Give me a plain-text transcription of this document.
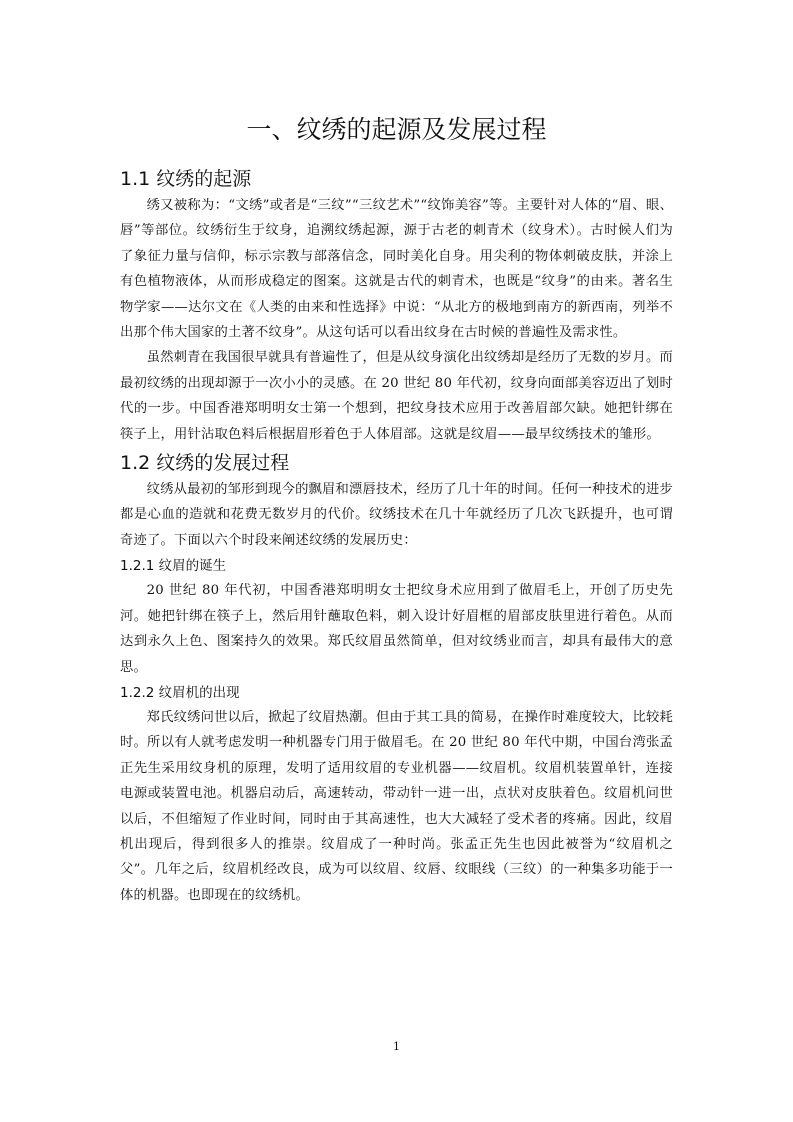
一、纹绣的起源及发展过程
1.1 纹绣的起源

绣又被称为：“文绣”或者是“三纹”“三纹艺术”“纹饰美容”等。主要针对人体的“眉、眼、唇”等部位。纹绣衍生于纹身，追溯纹绣起源，源于古老的刺青术（纹身术）。古时候人们为了象征力量与信仰，标示宗教与部落信念，同时美化自身。用尖利的物体刺破皮肤，并涂上有色植物液体，从而形成稳定的图案。这就是古代的刺青术，也既是“纹身”的由来。著名生物学家——达尔文在《人类的由来和性选择》中说：“从北方的极地到南方的新西南，列举不出那个伟大国家的土著不纹身”。从这句话可以看出纹身在古时候的普遍性及需求性。

虽然刺青在我国很早就具有普遍性了，但是从纹身演化出纹绣却是经历了无数的岁月。而最初纹绣的出现却源于一次小小的灵感。在 20 世纪 80 年代初，纹身向面部美容迈出了划时代的一步。中国香港郑明明女士第一个想到，把纹身技术应用于改善眉部欠缺。她把针绑在筷子上，用针沾取色料后根据眉形着色于人体眉部。这就是纹眉——最早纹绣技术的雏形。

1.2 纹绣的发展过程

纹绣从最初的邹形到现今的飘眉和漂唇技术，经历了几十年的时间。任何一种技术的进步都是心血的造就和花费无数岁月的代价。纹绣技术在几十年就经历了几次飞跃提升，也可谓奇迹了。下面以六个时段来阐述纹绣的发展历史：

1.2.1 纹眉的诞生

20 世纪 80 年代初，中国香港郑明明女士把纹身术应用到了做眉毛上，开创了历史先河。她把针绑在筷子上，然后用针蘸取色料，刺入设计好眉框的眉部皮肤里进行着色。从而达到永久上色、图案持久的效果。郑氏纹眉虽然简单，但对纹绣业而言，却具有最伟大的意思。

1.2.2 纹眉机的出现

郑氏纹绣问世以后，掀起了纹眉热潮。但由于其工具的简易，在操作时难度较大，比较耗时。所以有人就考虑发明一种机器专门用于做眉毛。在 20 世纪 80 年代中期，中国台湾张孟正先生采用纹身机的原理，发明了适用纹眉的专业机器——纹眉机。纹眉机装置单针，连接电源或装置电池。机器启动后，高速转动，带动针一进一出，点状对皮肤着色。纹眉机问世以后，不但缩短了作业时间，同时由于其高速性，也大大减轻了受术者的疼痛。因此，纹眉机出现后，得到很多人的推崇。纹眉成了一种时尚。张孟正先生也因此被誉为“纹眉机之父”。几年之后，纹眉机经改良，成为可以纹眉、纹唇、纹眼线（三纹）的一种集多功能于一体的机器。也即现在的纹绣机。

1
